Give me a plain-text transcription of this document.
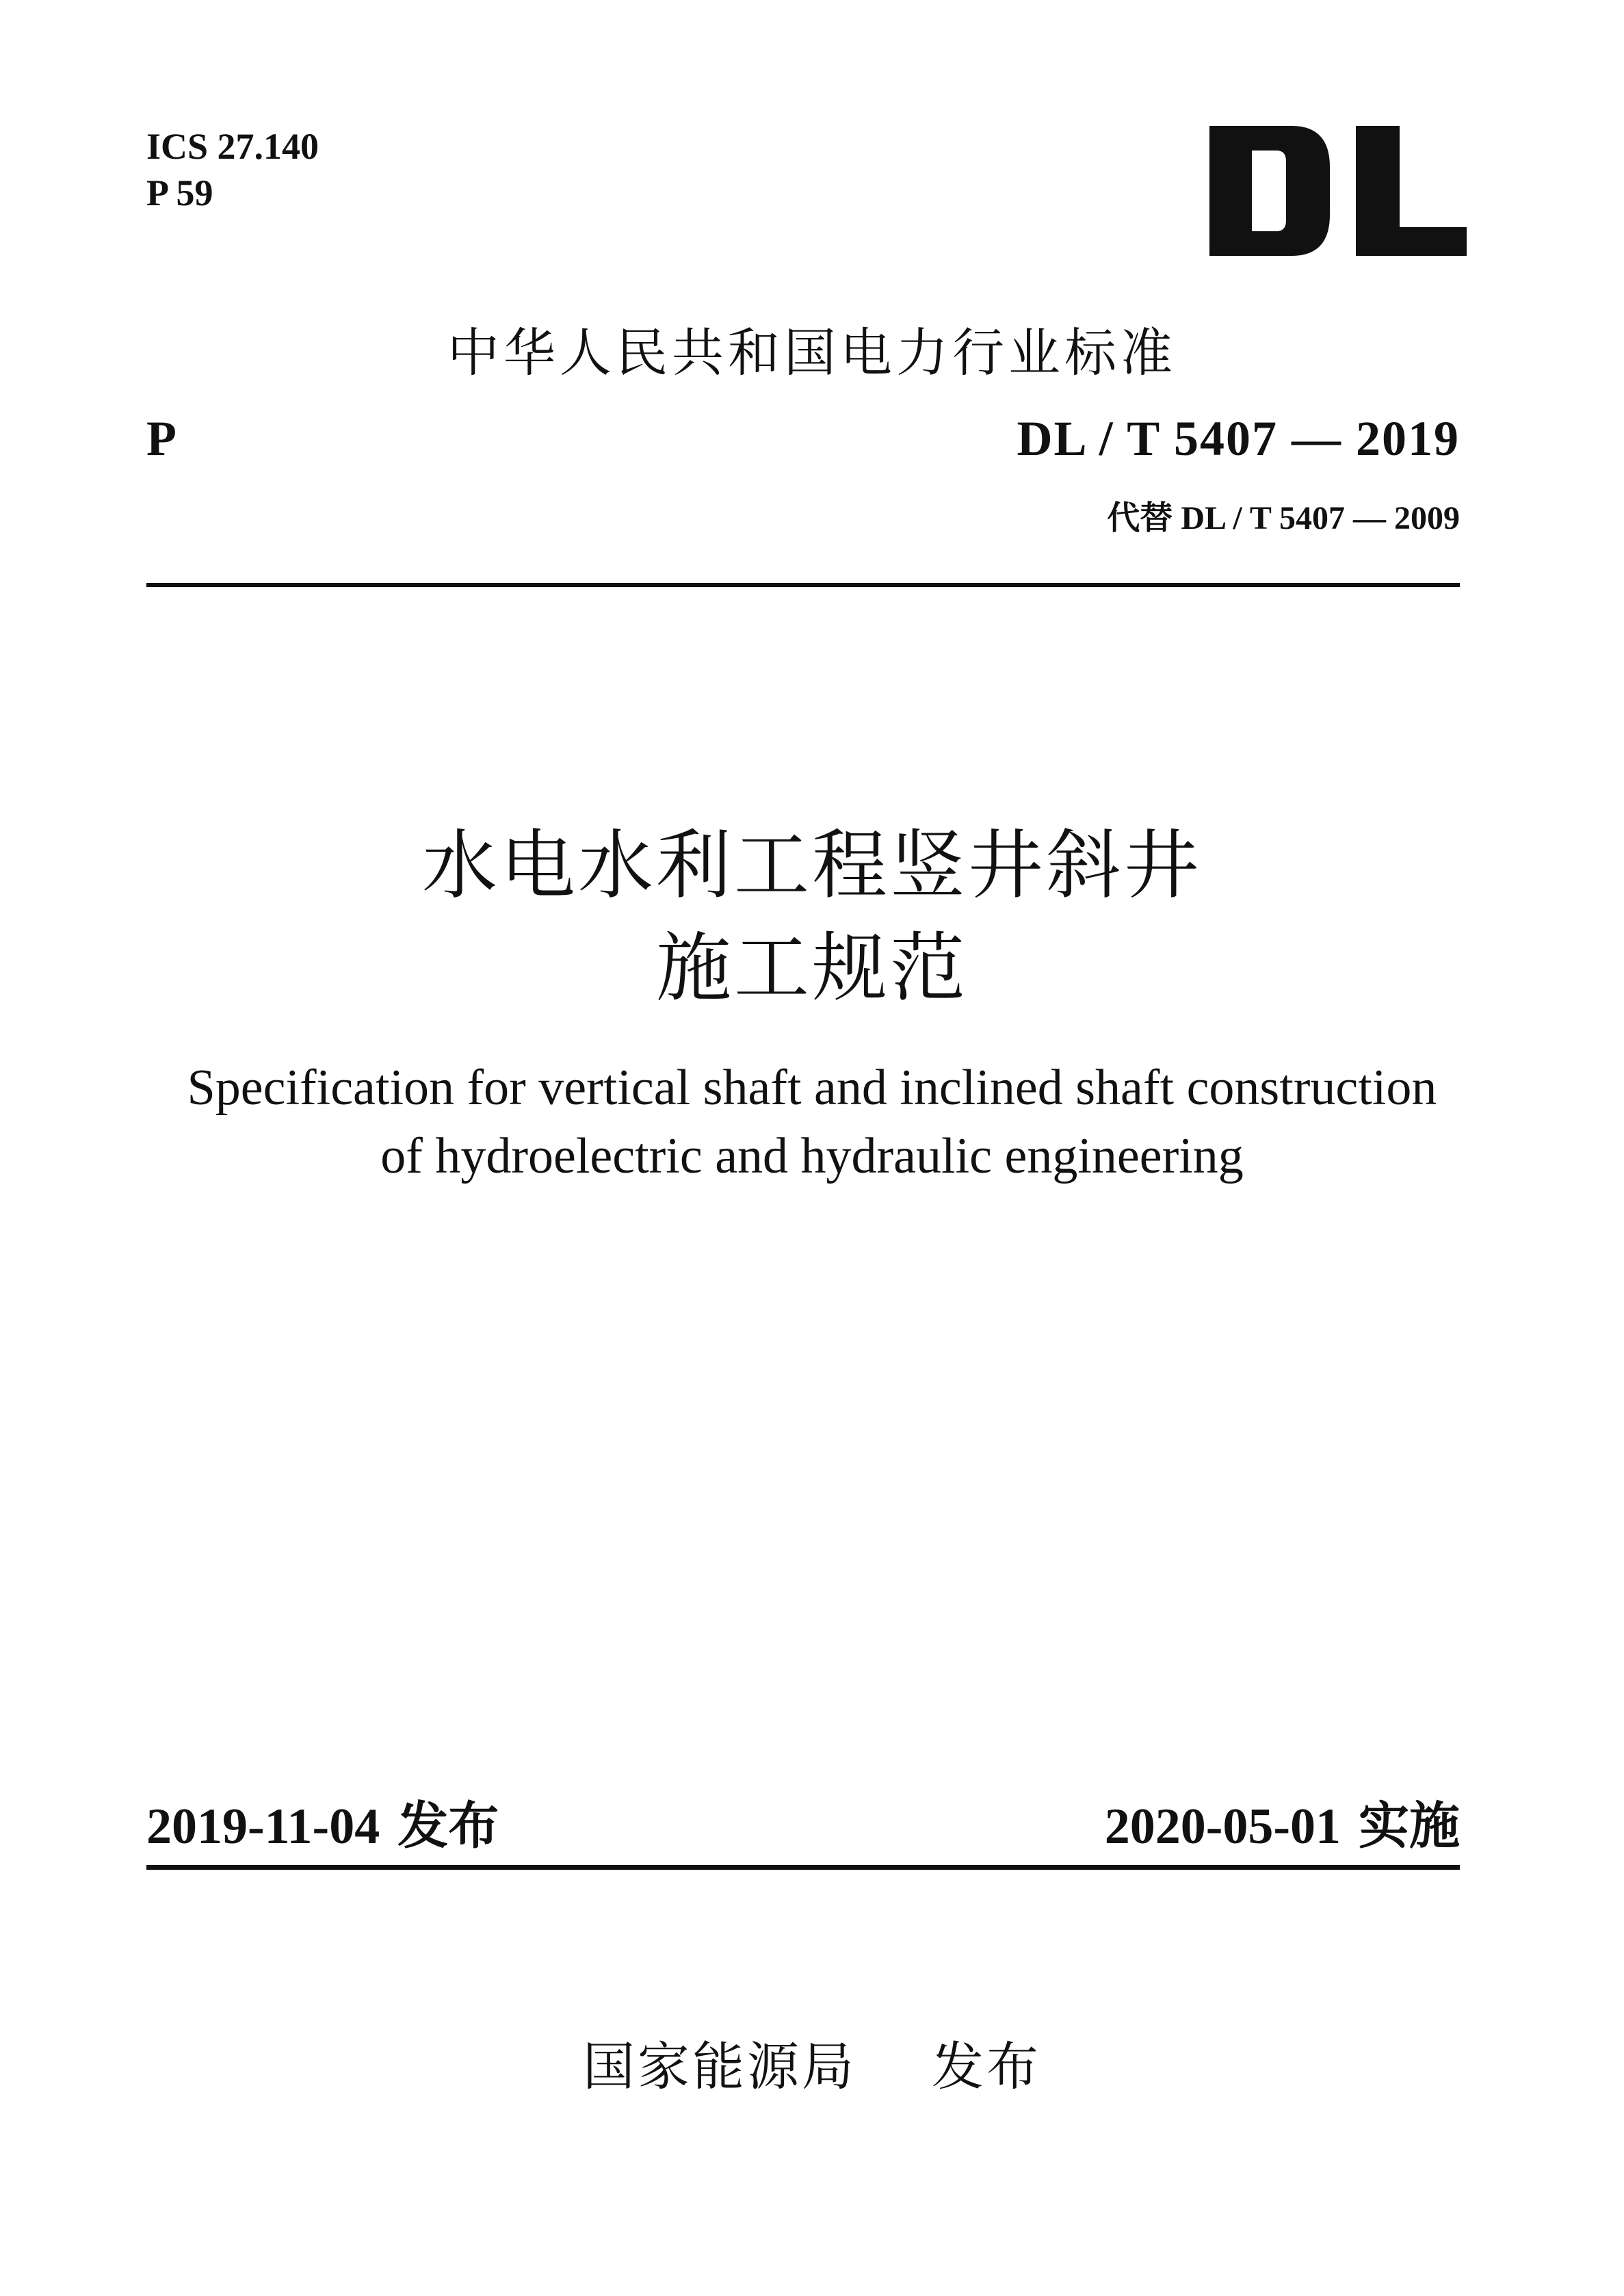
ICS 27.140
P 59
中华人民共和国电力行业标准
P	DL / T 5407 — 2019
代替 DL / T 5407 — 2009
水电水利工程竖井斜井
施工规范
Specification for vertical shaft and inclined shaft construction
of hydroelectric and hydraulic engineering
2019-11-04 发布	2020-05-01 实施
国家能源局 发布
